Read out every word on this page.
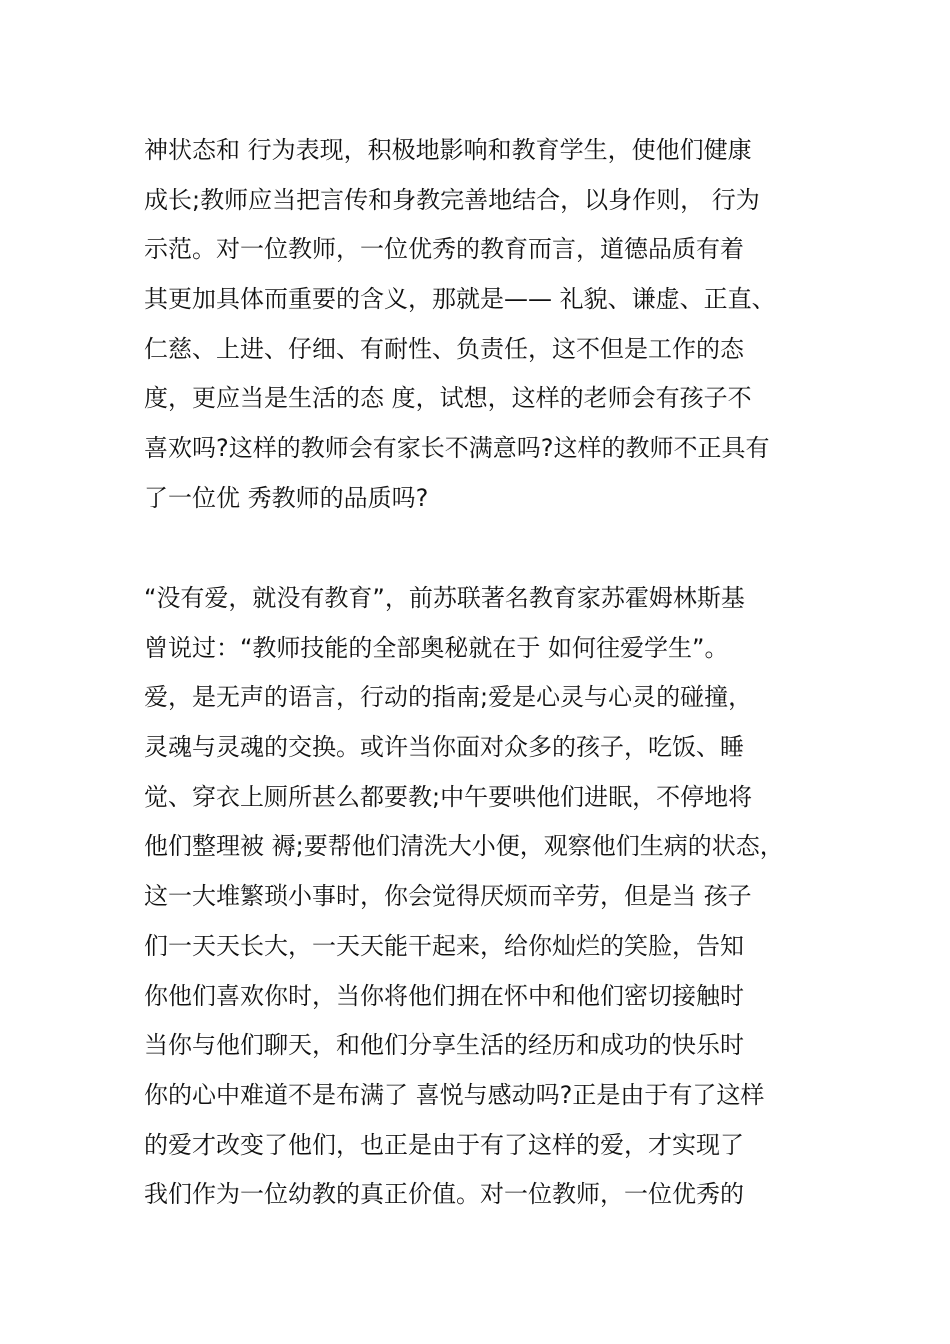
神状态和 行为表现，积极地影响和教育学生，使他们健康
成长;教师应当把言传和身教完善地结合，以身作则， 行为
示范。对一位教师，一位优秀的教育而言，道德品质有着
其更加具体而重要的含义，那就是—— 礼貌、谦虚、正直、
仁慈、上进、仔细、有耐性、负责任，这不但是工作的态
度，更应当是生活的态 度，试想，这样的老师会有孩子不
喜欢吗?这样的教师会有家长不满意吗?这样的教师不正具有
了一位优 秀教师的品质吗?
“没有爱，就没有教育”，前苏联著名教育家苏霍姆林斯基
曾说过：“教师技能的全部奥秘就在于 如何往爱学生”。
爱，是无声的语言，行动的指南;爱是心灵与心灵的碰撞，
灵魂与灵魂的交换。或许当你面对众多的孩子，吃饭、睡
觉、穿衣上厕所甚么都要教;中午要哄他们进眠，不停地将
他们整理被 褥;要帮他们清洗大小便，观察他们生病的状态，
这一大堆繁琐小事时，你会觉得厌烦而辛劳，但是当 孩子
们一天天长大，一天天能干起来，给你灿烂的笑脸，告知
你他们喜欢你时，当你将他们拥在怀中和他们密切接触时
当你与他们聊天，和他们分享生活的经历和成功的快乐时
你的心中难道不是布满了 喜悦与感动吗?正是由于有了这样
的爱才改变了他们，也正是由于有了这样的爱，才实现了
我们作为一位幼教的真正价值。对一位教师，一位优秀的
